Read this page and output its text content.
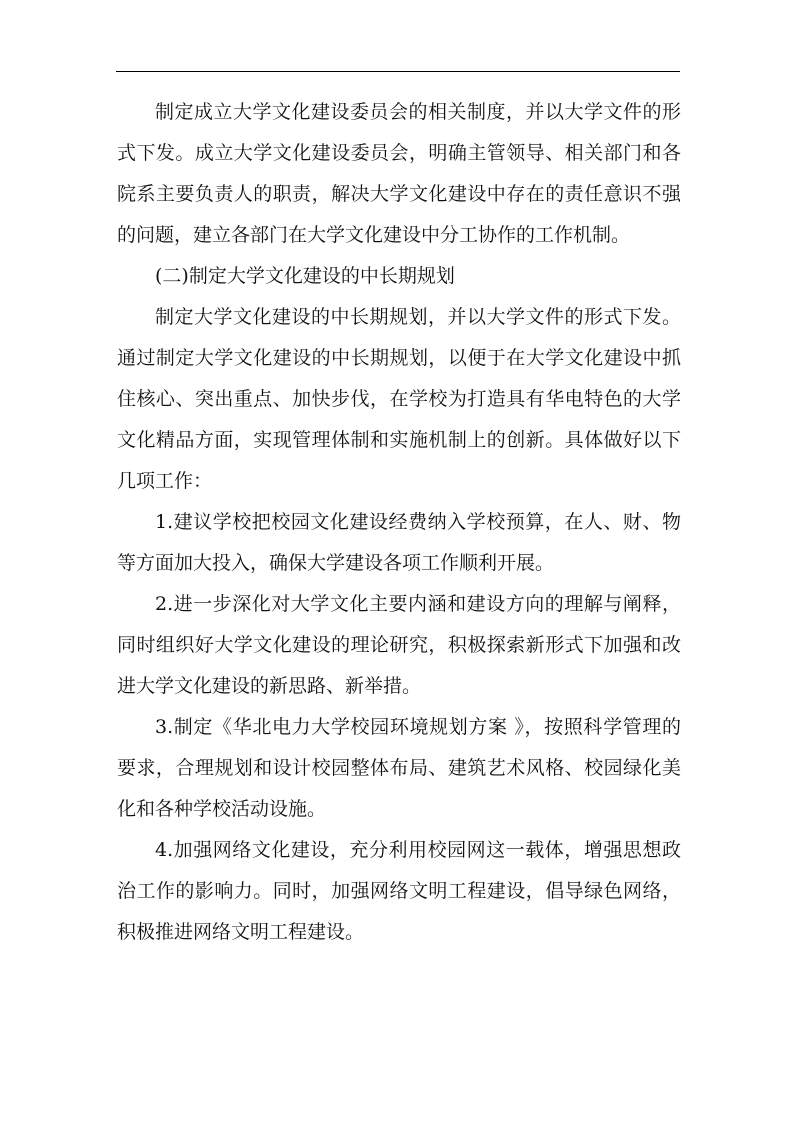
制定成立大学文化建设委员会的相关制度，并以大学文件的形式下发。成立大学文化建设委员会，明确主管领导、相关部门和各院系主要负责人的职责，解决大学文化建设中存在的责任意识不强的问题，建立各部门在大学文化建设中分工协作的工作机制。

(二)制定大学文化建设的中长期规划

制定大学文化建设的中长期规划，并以大学文件的形式下发。通过制定大学文化建设的中长期规划，以便于在大学文化建设中抓住核心、突出重点、加快步伐，在学校为打造具有华电特色的大学文化精品方面，实现管理体制和实施机制上的创新。具体做好以下几项工作：

1.建议学校把校园文化建设经费纳入学校预算，在人、财、物等方面加大投入，确保大学建设各项工作顺利开展。

2.进一步深化对大学文化主要内涵和建设方向的理解与阐释，同时组织好大学文化建设的理论研究，积极探索新形式下加强和改进大学文化建设的新思路、新举措。

3.制定《华北电力大学校园环境规划方案 》，按照科学管理的要求，合理规划和设计校园整体布局、建筑艺术风格、校园绿化美化和各种学校活动设施。

4.加强网络文化建设，充分利用校园网这一载体，增强思想政治工作的影响力。同时，加强网络文明工程建设，倡导绿色网络，积极推进网络文明工程建设。
